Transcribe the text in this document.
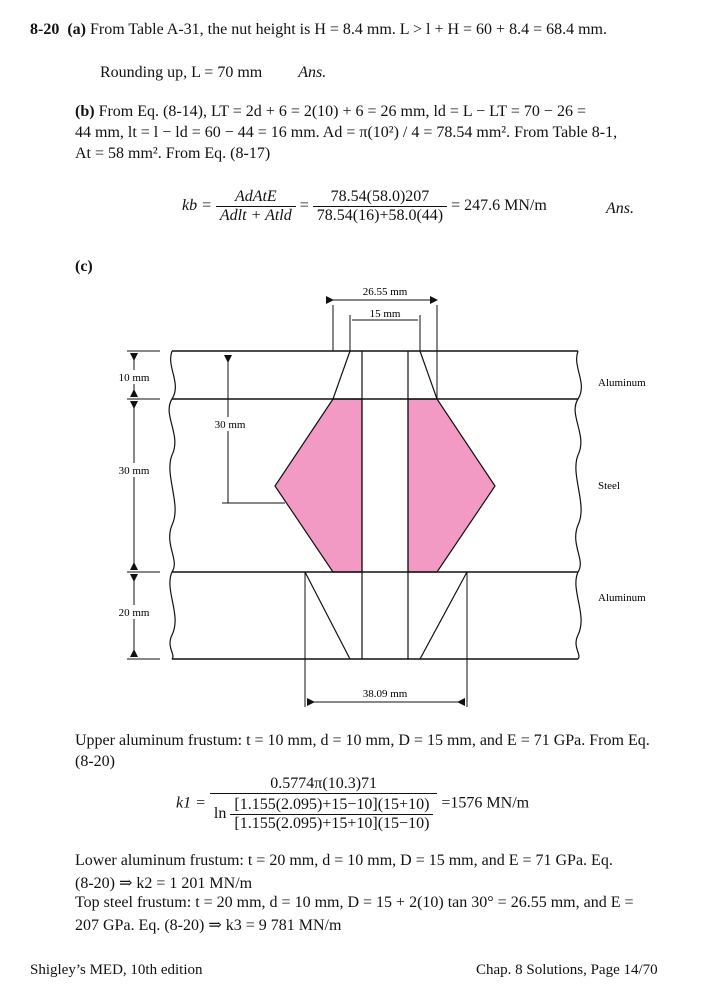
8-20 (a) From Table A-31, the nut height is H = 8.4 mm. L > l + H = 60 + 8.4 = 68.4 mm.
Rounding up, L = 70 mm Ans.
(b) From Eq. (8-14), LT = 2d + 6 = 2(10) + 6 = 26 mm, ld = L − LT = 70 − 26 =
44 mm, lt = l − ld = 60 − 44 = 16 mm. Ad = π(10²) / 4 = 78.54 mm². From Table 8-1,
At = 58 mm². From Eq. (8-17)
kb = $\frac{\text{AdAtE}}{\text{Adlt + Atld}} = \frac{78.54(58.0)207}{78.54(16)+58.0(44)} = 247.6$ MN/m	Ans.
(c)
26.55 mm
15 mm
10 mm
30 mm
20 mm
30 mm
38.09 mm
Aluminum
Steel
Aluminum
Upper aluminum frustum: t = 10 mm, d = 10 mm, D = 15 mm, and E = 71 GPa. From Eq.
(8-20)
k1 =
0.5774π(10.3)71
$\ln \frac{[1.155(2.095)+15-10](15+10)}{[1.155(2.095)+15+10](15-10)} =1576$ MN/m
Lower aluminum frustum: t = 20 mm, d = 10 mm, D = 15 mm, and E = 71 GPa. Eq.
(8-20) ⇒ k2 = 1 201 MN/m
Top steel frustum: t = 20 mm, d = 10 mm, D = 15 + 2(10) tan 30° = 26.55 mm, and E =
207 GPa. Eq. (8-20) ⇒ k3 = 9 781 MN/m
Shigley’s MED, 10th edition	Chap. 8 Solutions, Page 14/70
